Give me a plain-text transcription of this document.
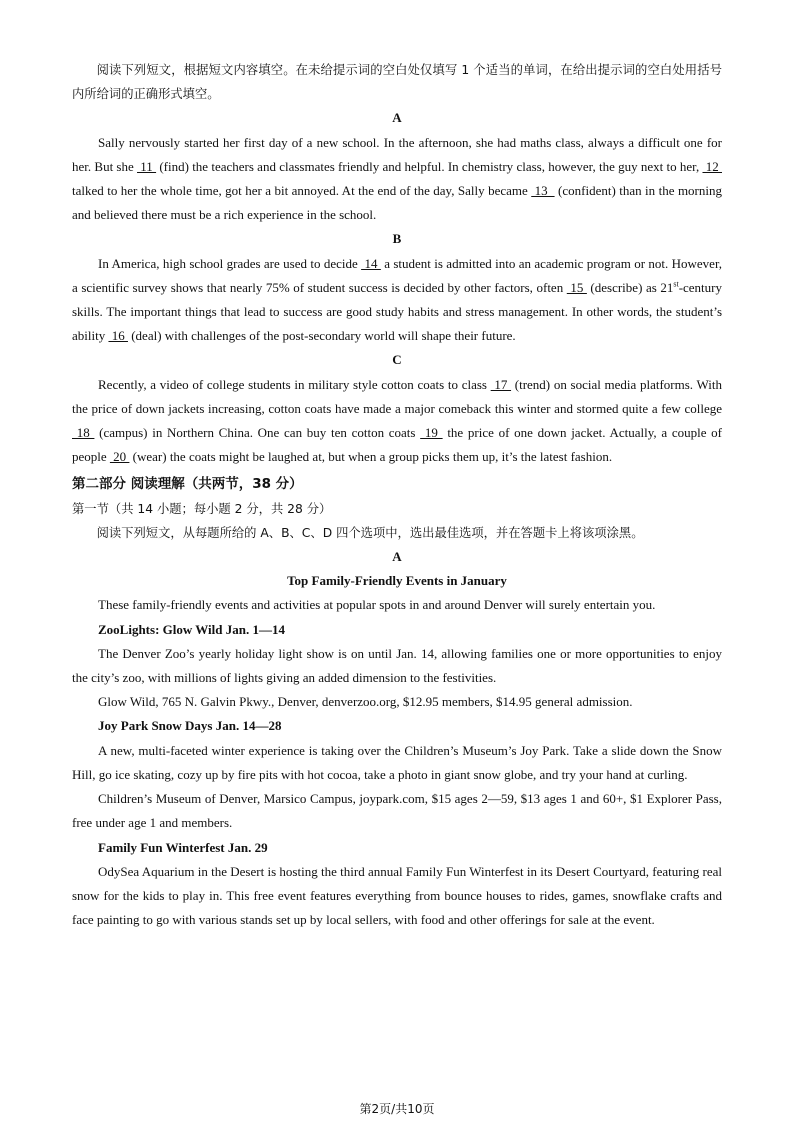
阅读下列短文，根据短文内容填空。在未给提示词的空白处仅填写 1 个适当的单词，在给出提示词的空白处用括号内所给词的正确形式填空。

A

Sally nervously started her first day of a new school. In the afternoon, she had maths class, always a difficult one for her. But she  11  (find) the teachers and classmates friendly and helpful. In chemistry class, however, the guy next to her,  12  talked to her the whole time, got her a bit annoyed. At the end of the day, Sally became  13   (confident) than in the morning and believed there must be a rich experience in the school.

B

In America, high school grades are used to decide  14  a student is admitted into an academic program or not. However, a scientific survey shows that nearly 75% of student success is decided by other factors, often  15  (describe) as 21st-century skills. The important things that lead to success are good study habits and stress management. In other words, the student’s ability  16  (deal) with challenges of the post-secondary world will shape their future.

C

Recently, a video of college students in military style cotton coats to class  17  (trend) on social media platforms. With the price of down jackets increasing, cotton coats have made a major comeback this winter and stormed quite a few college  18  (campus) in Northern China. One can buy ten cotton coats  19  the price of one down jacket. Actually, a couple of people  20  (wear) the coats might be laughed at, but when a group picks them up, it’s the latest fashion.

第二部分 阅读理解（共两节，38 分）

第一节（共 14 小题；每小题 2 分，共 28 分）

阅读下列短文，从每题所给的 A、B、C、D 四个选项中，选出最佳选项，并在答题卡上将该项涂黑。

A

Top Family-Friendly Events in January

These family-friendly events and activities at popular spots in and around Denver will surely entertain you.

ZooLights: Glow Wild Jan. 1—14

The Denver Zoo’s yearly holiday light show is on until Jan. 14, allowing families one or more opportunities to enjoy the city’s zoo, with millions of lights giving an added dimension to the festivities.

Glow Wild, 765 N. Galvin Pkwy., Denver, denverzoo.org, $12.95 members, $14.95 general admission.

Joy Park Snow Days Jan. 14—28

A new, multi-faceted winter experience is taking over the Children’s Museum’s Joy Park. Take a slide down the Snow Hill, go ice skating, cozy up by fire pits with hot cocoa, take a photo in giant snow globe, and try your hand at curling.

Children’s Museum of Denver, Marsico Campus, joypark.com, $15 ages 2—59, $13 ages 1 and 60+, $1 Explorer Pass, free under age 1 and members.

Family Fun Winterfest Jan. 29

OdySea Aquarium in the Desert is hosting the third annual Family Fun Winterfest in its Desert Courtyard, featuring real snow for the kids to play in. This free event features everything from bounce houses to rides, games, snowflake crafts and face painting to go with various stands set up by local sellers, with food and other offerings for sale at the event.

第2页/共10页
